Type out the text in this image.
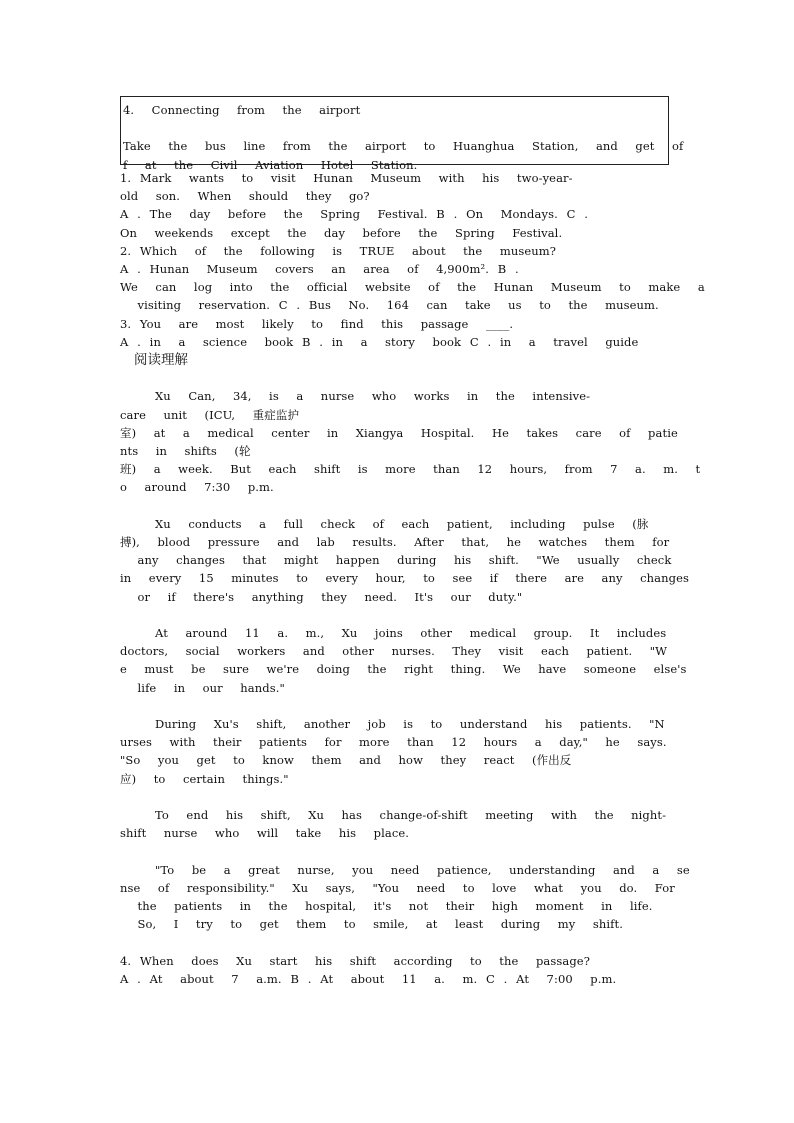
4.  Connecting  from  the  airport
Take  the  bus  line  from  the  airport  to  Huanghua  Station,  and  get  of
f  at  the  Civil  Aviation  Hotel  Station.
1. Mark  wants  to  visit  Hunan  Museum  with  his  two-year-
old  son.  When  should  they  go?
A . The  day  before  the  Spring  Festival. B . On  Mondays. C .
On  weekends  except  the  day  before  the  Spring  Festival.
2. Which  of  the  following  is  TRUE  about  the  museum?
A . Hunan  Museum  covers  an  area  of  4,900m². B .
We  can  log  into  the  official  website  of  the  Hunan  Museum  to  make  a
visiting  reservation. C . Bus  No.  164  can  take  us  to  the  museum.
3. You  are  most  likely  to  find  this  passage  ____.
A . in  a  science  book B . in  a  story  book C . in  a  travel  guide
阅读理解
Xu  Can,  34,  is  a  nurse  who  works  in  the  intensive-
care  unit  (ICU,  重症监护
室)  at  a  medical  center  in  Xiangya  Hospital.  He  takes  care  of  patie
nts  in  shifts  (轮
班)  a  week.  But  each  shift  is  more  than  12  hours,  from  7  a.  m.  t
o  around  7:30  p.m.
Xu  conducts  a  full  check  of  each  patient,  including  pulse  (脉
搏),  blood  pressure  and  lab  results.  After  that,  he  watches  them  for
any  changes  that  might  happen  during  his  shift.  "We  usually  check
in  every  15  minutes  to  every  hour,  to  see  if  there  are  any  changes
or  if  there's  anything  they  need.  It's  our  duty."
At  around  11  a.  m.,  Xu  joins  other  medical  group.  It  includes
doctors,  social  workers  and  other  nurses.  They  visit  each  patient.  "W
e  must  be  sure  we're  doing  the  right  thing.  We  have  someone  else's
life  in  our  hands."
During  Xu's  shift,  another  job  is  to  understand  his  patients.  "N
urses  with  their  patients  for  more  than  12  hours  a  day,"  he  says.
"So  you  get  to  know  them  and  how  they  react  (作出反
应)  to  certain  things."
To  end  his  shift,  Xu  has  change-of-shift  meeting  with  the  night-
shift  nurse  who  will  take  his  place.
"To  be  a  great  nurse,  you  need  patience,  understanding  and  a  se
nse  of  responsibility."  Xu  says,  "You  need  to  love  what  you  do.  For
the  patients  in  the  hospital,  it's  not  their  high  moment  in  life.
So,  I  try  to  get  them  to  smile,  at  least  during  my  shift.
4. When  does  Xu  start  his  shift  according  to  the  passage?
A . At  about  7  a.m. B . At  about  11  a.  m. C . At  7:00  p.m.
